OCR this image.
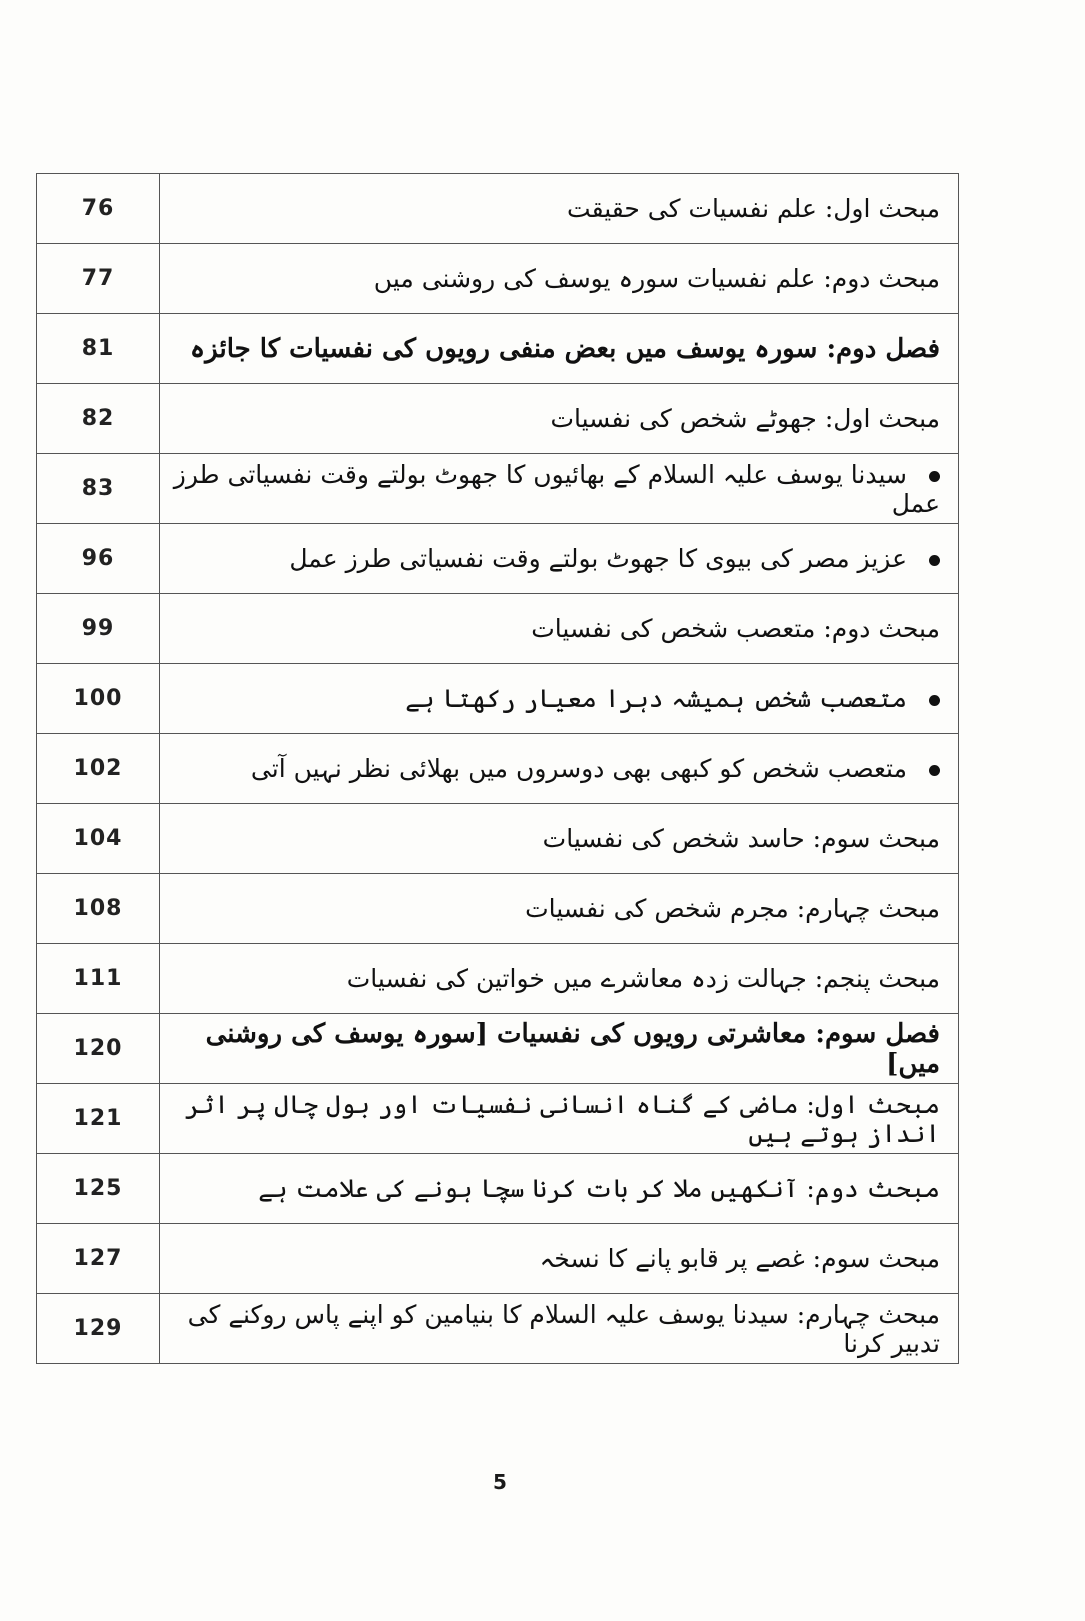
76	مبحث اول: علم نفسیات کی حقیقت
77	مبحث دوم: علم نفسیات سورہ یوسف کی روشنی میں
81	فصل دوم: سورہ یوسف میں بعض منفی رویوں کی نفسیات کا جائزہ
82	مبحث اول: جھوٹے شخص کی نفسیات
83	سیدنا یوسف علیہ السلام کے بھائیوں کا جھوٹ بولتے وقت نفسیاتی طرز عمل
96	عزیز مصر کی بیوی کا جھوٹ بولتے وقت نفسیاتی طرز عمل
99	مبحث دوم: متعصب شخص کی نفسیات
100	متعصب شخص ہمیشہ دہرا معیار رکھتا ہے
102	متعصب شخص کو کبھی بھی دوسروں میں بھلائی نظر نہیں آتی
104	مبحث سوم: حاسد شخص کی نفسیات
108	مبحث چہارم: مجرم شخص کی نفسیات
111	مبحث پنجم: جہالت زدہ معاشرے میں خواتین کی نفسیات
120	فصل سوم: معاشرتی رویوں کی نفسیات [سورہ یوسف کی روشنی میں]
121	مبحث اول: ماضی کے گناہ انسانی نفسیات اور بول چال پر اثر انداز ہوتے ہیں
125	مبحث دوم: آنکھیں ملا کر بات کرنا سچا ہونے کی علامت ہے
127	مبحث سوم: غصے پر قابو پانے کا نسخہ
129	مبحث چہارم: سیدنا یوسف علیہ السلام کا بنیامین کو اپنے پاس روکنے کی تدبیر کرنا
5
